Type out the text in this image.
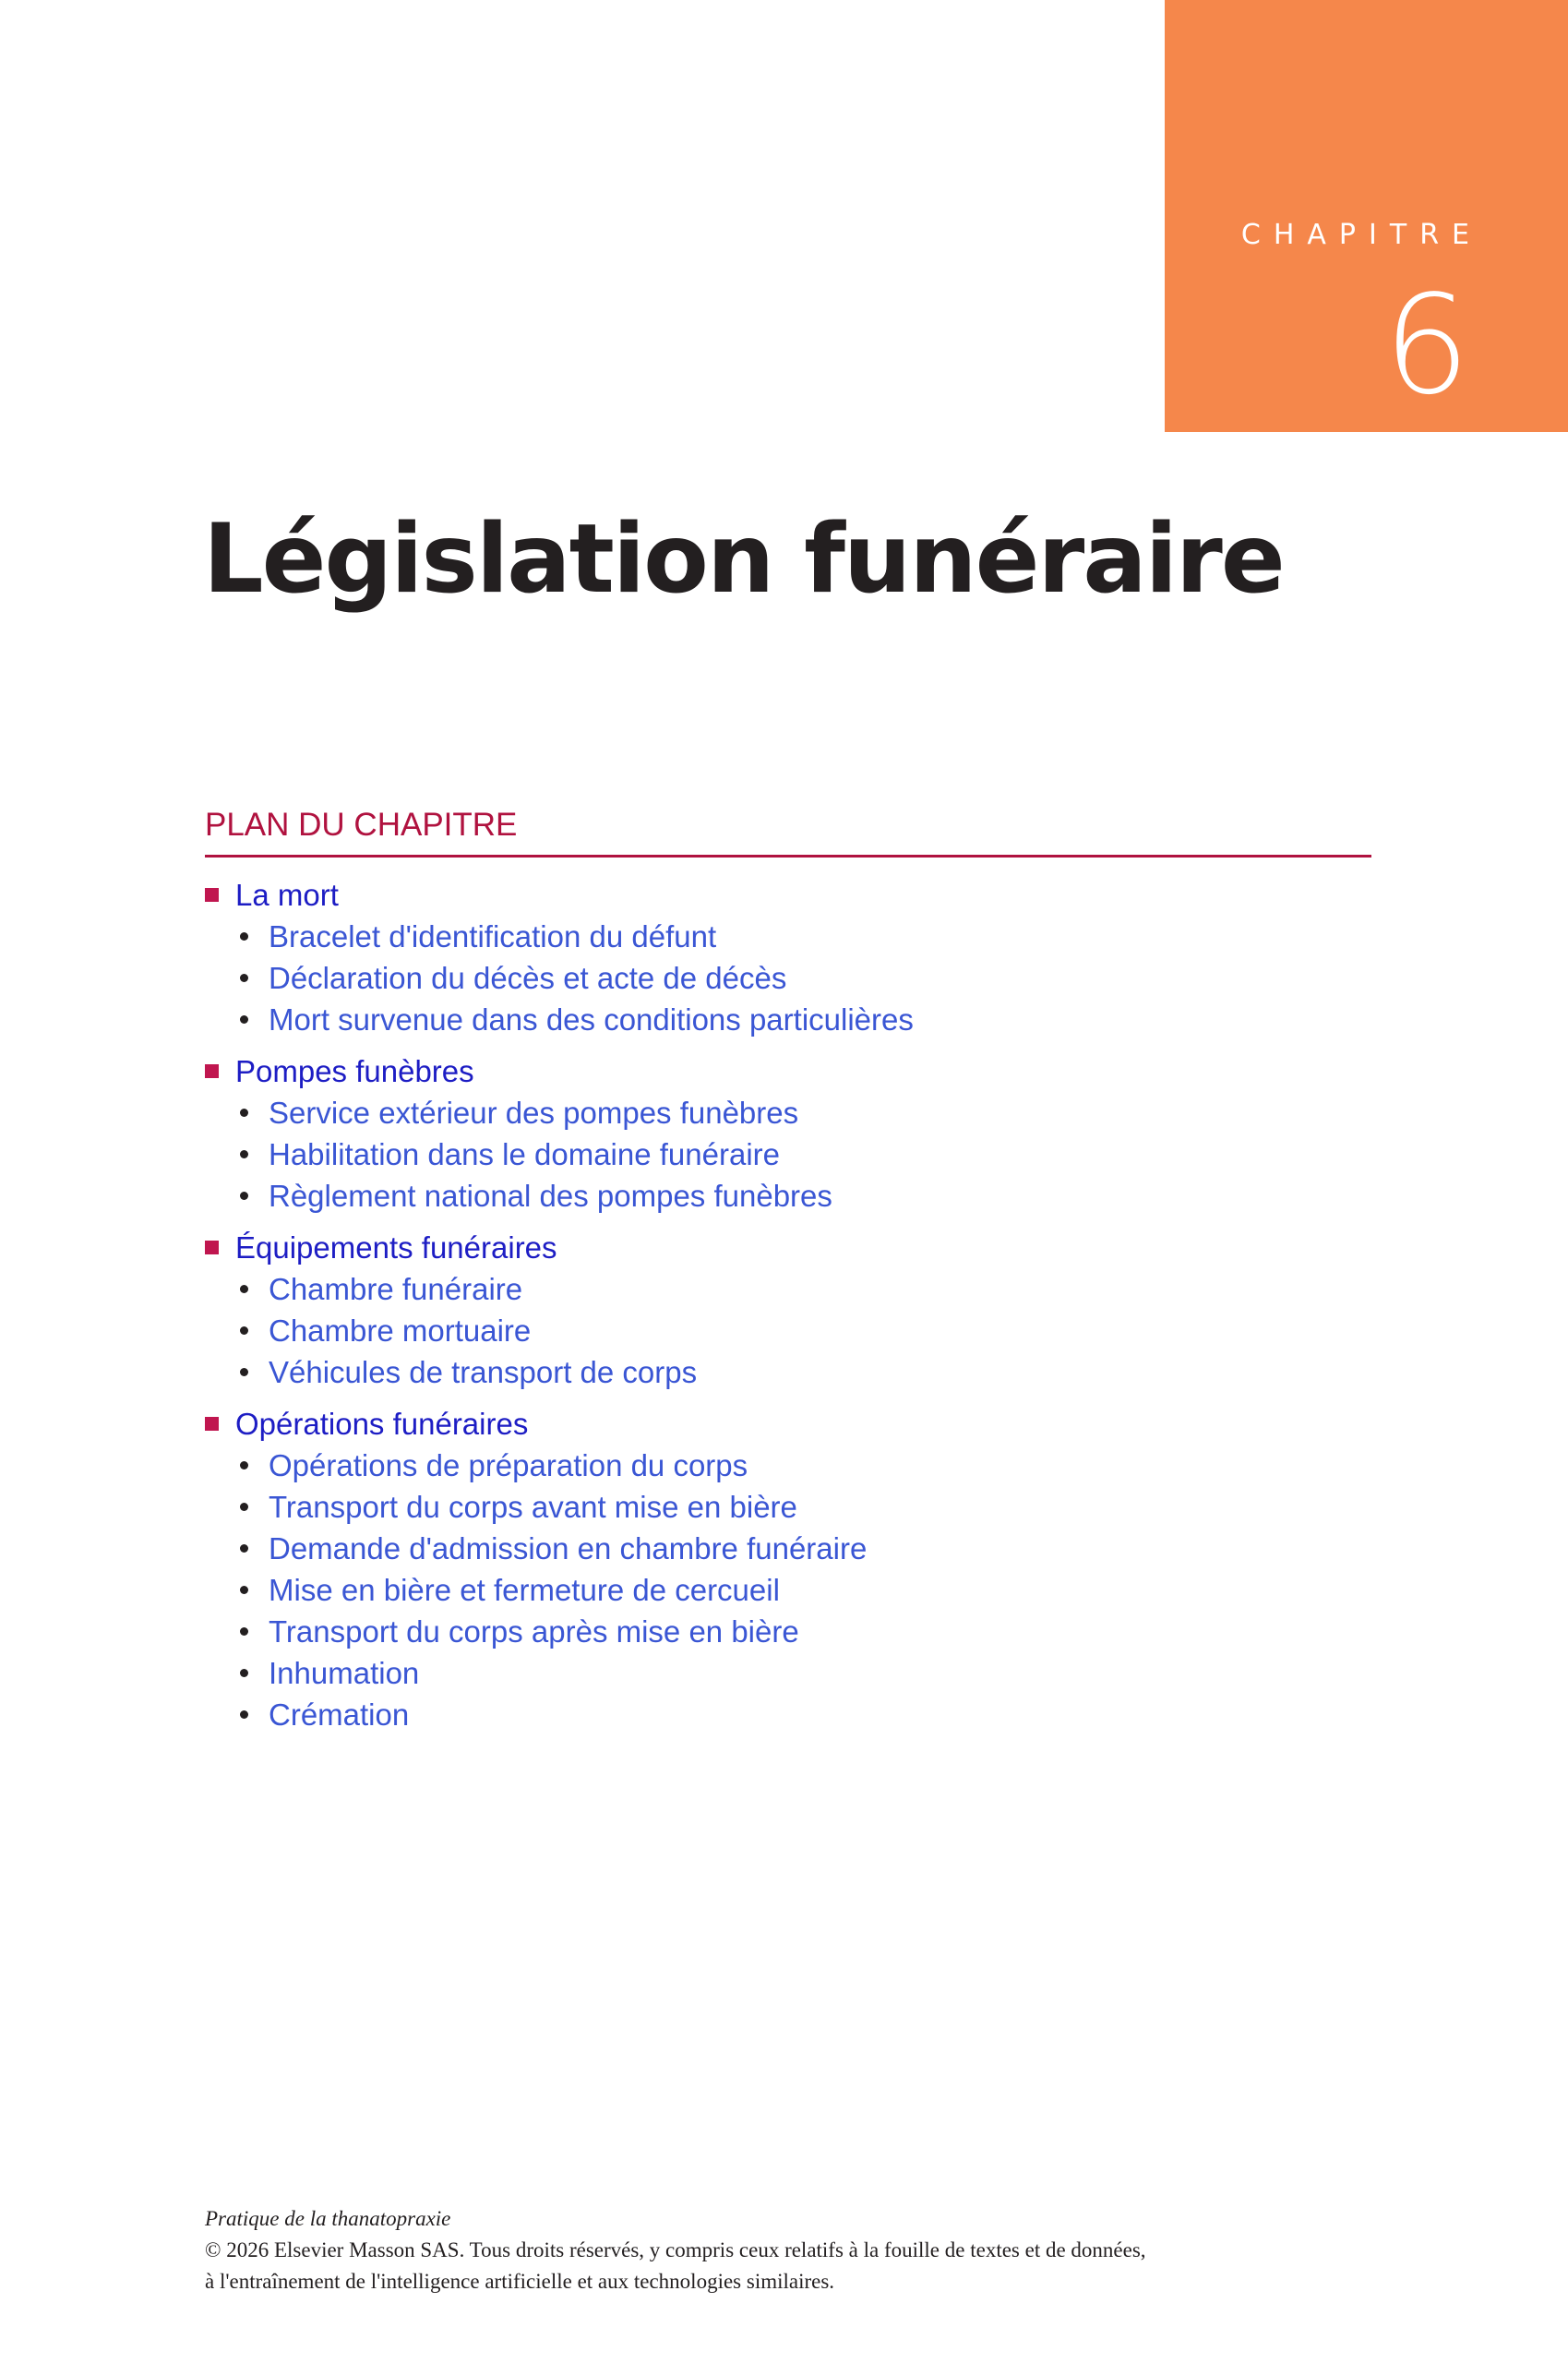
CHAPITRE
6
Législation funéraire
PLAN DU CHAPITRE
La mort
Bracelet d'identification du défunt
Déclaration du décès et acte de décès
Mort survenue dans des conditions particulières
Pompes funèbres
Service extérieur des pompes funèbres
Habilitation dans le domaine funéraire
Règlement national des pompes funèbres
Équipements funéraires
Chambre funéraire
Chambre mortuaire
Véhicules de transport de corps
Opérations funéraires
Opérations de préparation du corps
Transport du corps avant mise en bière
Demande d'admission en chambre funéraire
Mise en bière et fermeture de cercueil
Transport du corps après mise en bière
Inhumation
Crémation
Pratique de la thanatopraxie
© 2026 Elsevier Masson SAS. Tous droits réservés, y compris ceux relatifs à la fouille de textes et de données,
à l'entraînement de l'intelligence artificielle et aux technologies similaires.
